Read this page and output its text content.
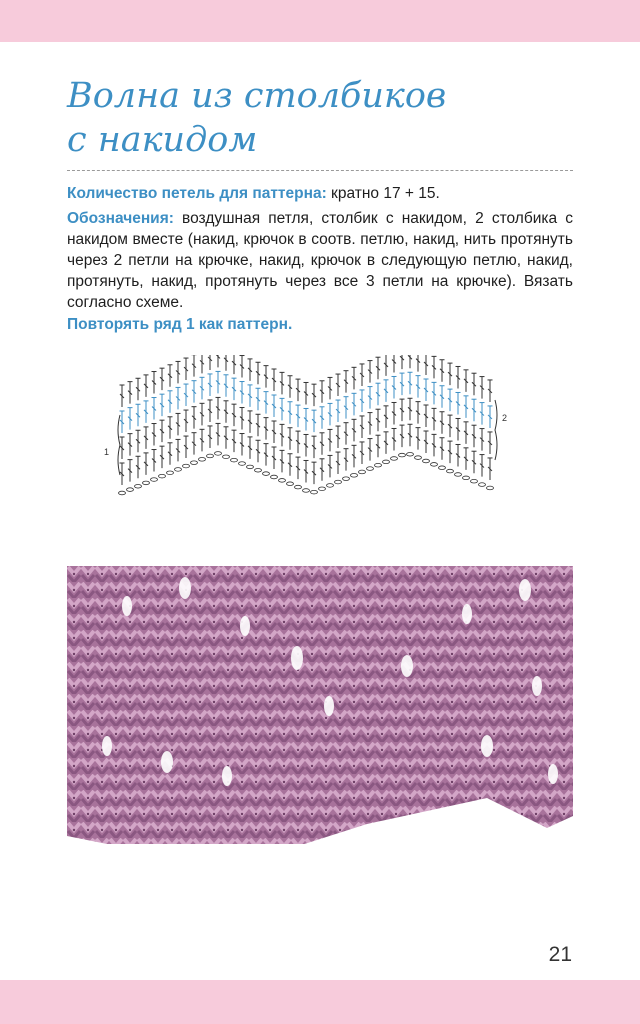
Волна из столбиков
с накидом

Количество петель для паттерна: кратно 17 + 15.

Обозначения: воздушная петля, столбик с накидом, 2 столбика с накидом вместе (накид, крючок в соотв. петлю, накид, нить протянуть через 2 петли на крючке, накид, крючок в следующую петлю, накид, протянуть, накид, протянуть через все 3 петли на крючке). Вязать согласно схеме.

Повторять ряд 1 как паттерн.

1
2
21
